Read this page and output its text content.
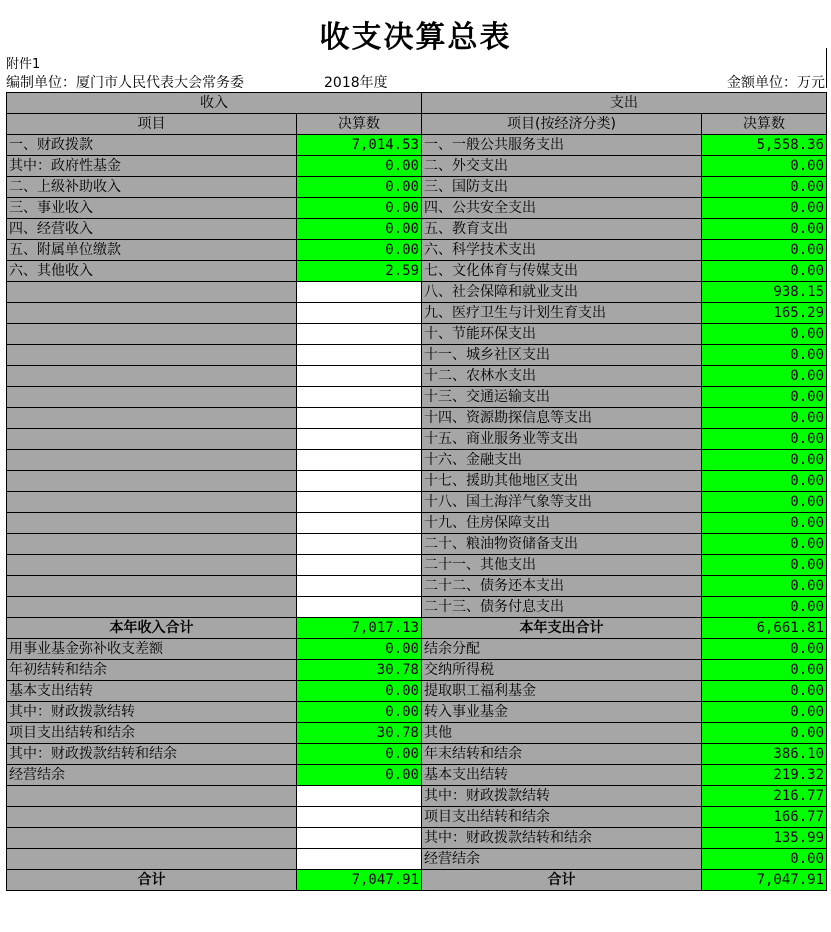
收支决算总表
附件1
编制单位：厦门市人民代表大会常务委	2018年度	金额单位：万元
收入		支出	
项目	决算数	项目(按经济分类)	决算数
一、财政拨款	7,014.53	一、一般公共服务支出	5,558.36
其中：政府性基金	0.00	二、外交支出	0.00
二、上级补助收入	0.00	三、国防支出	0.00
三、事业收入	0.00	四、公共安全支出	0.00
四、经营收入	0.00	五、教育支出	0.00
五、附属单位缴款	0.00	六、科学技术支出	0.00
六、其他收入	2.59	七、文化体育与传媒支出	0.00
		八、社会保障和就业支出	938.15
		九、医疗卫生与计划生育支出	165.29
		十、节能环保支出	0.00
		十一、城乡社区支出	0.00
		十二、农林水支出	0.00
		十三、交通运输支出	0.00
		十四、资源勘探信息等支出	0.00
		十五、商业服务业等支出	0.00
		十六、金融支出	0.00
		十七、援助其他地区支出	0.00
		十八、国土海洋气象等支出	0.00
		十九、住房保障支出	0.00
		二十、粮油物资储备支出	0.00
		二十一、其他支出	0.00
		二十二、债务还本支出	0.00
		二十三、债务付息支出	0.00
本年收入合计	7,017.13	本年支出合计	6,661.81
用事业基金弥补收支差额	0.00	结余分配	0.00
年初结转和结余	30.78	交纳所得税	0.00
基本支出结转	0.00	提取职工福利基金	0.00
其中：财政拨款结转	0.00	转入事业基金	0.00
项目支出结转和结余	30.78	其他	0.00
其中：财政拨款结转和结余	0.00	年末结转和结余	386.10
经营结余	0.00	基本支出结转	219.32
		其中：财政拨款结转	216.77
		项目支出结转和结余	166.77
		其中：财政拨款结转和结余	135.99
		经营结余	0.00
合计	7,047.91	合计	7,047.91
